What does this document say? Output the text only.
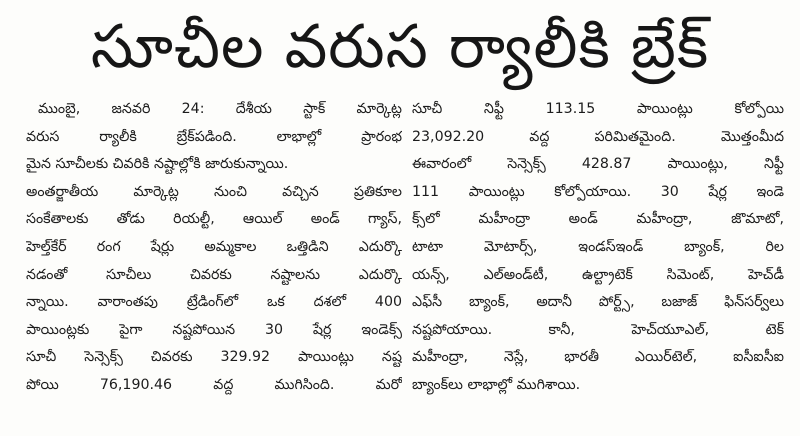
సూచీల వరుస ర్యాలీకి బ్రేక్
ముంబై, జనవరి 24: దేశీయ స్టాక్ మార్కెట్ల
వరుస ర్యాలీకి బ్రేక్‌పడింది. లాభాల్లో ప్రారంభ
మైన సూచీలకు చివరికి నష్టాల్లోకి జారుకున్నాయి.
అంతర్జాతీయ మార్కెట్ల నుంచి వచ్చిన ప్రతికూల
సంకేతాలకు తోడు రియల్టీ, ఆయిల్ అండ్ గ్యాస్,
హెల్త్‌కేర్ రంగ షేర్లు అమ్మకాల ఒత్తిడిని ఎదుర్కొ
నడంతో సూచీలు చివరకు నష్టాలను ఎదుర్కొ
న్నాయి. వారాంతపు ట్రేడింగ్‌లో ఒక దశలో 400
పాయింట్లకు పైగా నష్టపోయిన 30 షేర్ల ఇండెక్స్
సూచీ సెన్సెక్స్ చివరకు 329.92 పాయింట్లు నష్ట
పోయి 76,190.46 వద్ద ముగిసింది. మరో
సూచీ నిఫ్టీ 113.15 పాయింట్లు కోల్పోయి
23,092.20 వద్ద పరిమితమైంది. మొత్తంమీద
ఈవారంలో సెన్సెక్స్ 428.87 పాయింట్లు, నిఫ్టీ
111 పాయింట్లు కోల్పోయాయి. 30 షేర్ల ఇండె
క్స్‌లో మహీంద్రా అండ్ మహీంద్రా, జొమాటో,
టాటా మోటార్స్, ఇండస్‌ఇండ్ బ్యాంక్, రిల
యన్స్, ఎల్అండ్‌టీ, ఉల్ట్రాటెక్ సిమెంట్, హెచ్‌డీ
ఎఫ్‌సీ బ్యాంక్, అదానీ పోర్ట్స్, బజాజ్ ఫిన్‌సర్వ్‌లు
నష్టపోయాయి. కానీ, హెచ్‌యూఎల్, టెక్
మహీంద్రా, నెస్లే, భారతీ ఎయిర్‌టెల్, ఐసీఐసీఐ
బ్యాంక్‌లు లాభాల్లో ముగిశాయి.
